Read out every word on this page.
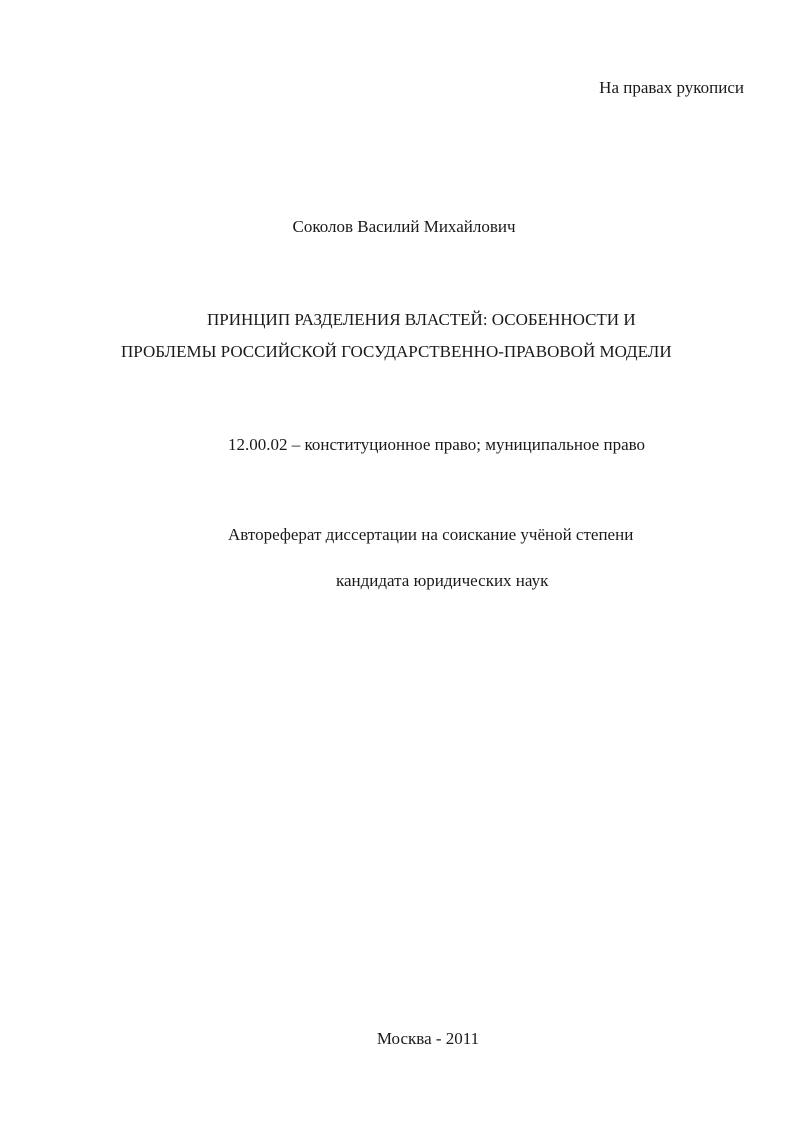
На правах рукописи
Соколов Василий Михайлович
ПРИНЦИП РАЗДЕЛЕНИЯ ВЛАСТЕЙ: ОСОБЕННОСТИ И
ПРОБЛЕМЫ РОССИЙСКОЙ ГОСУДАРСТВЕННО-ПРАВОВОЙ МОДЕЛИ
12.00.02 – конституционное право; муниципальное право
Автореферат диссертации на соискание учёной степени
кандидата юридических наук
Москва - 2011
